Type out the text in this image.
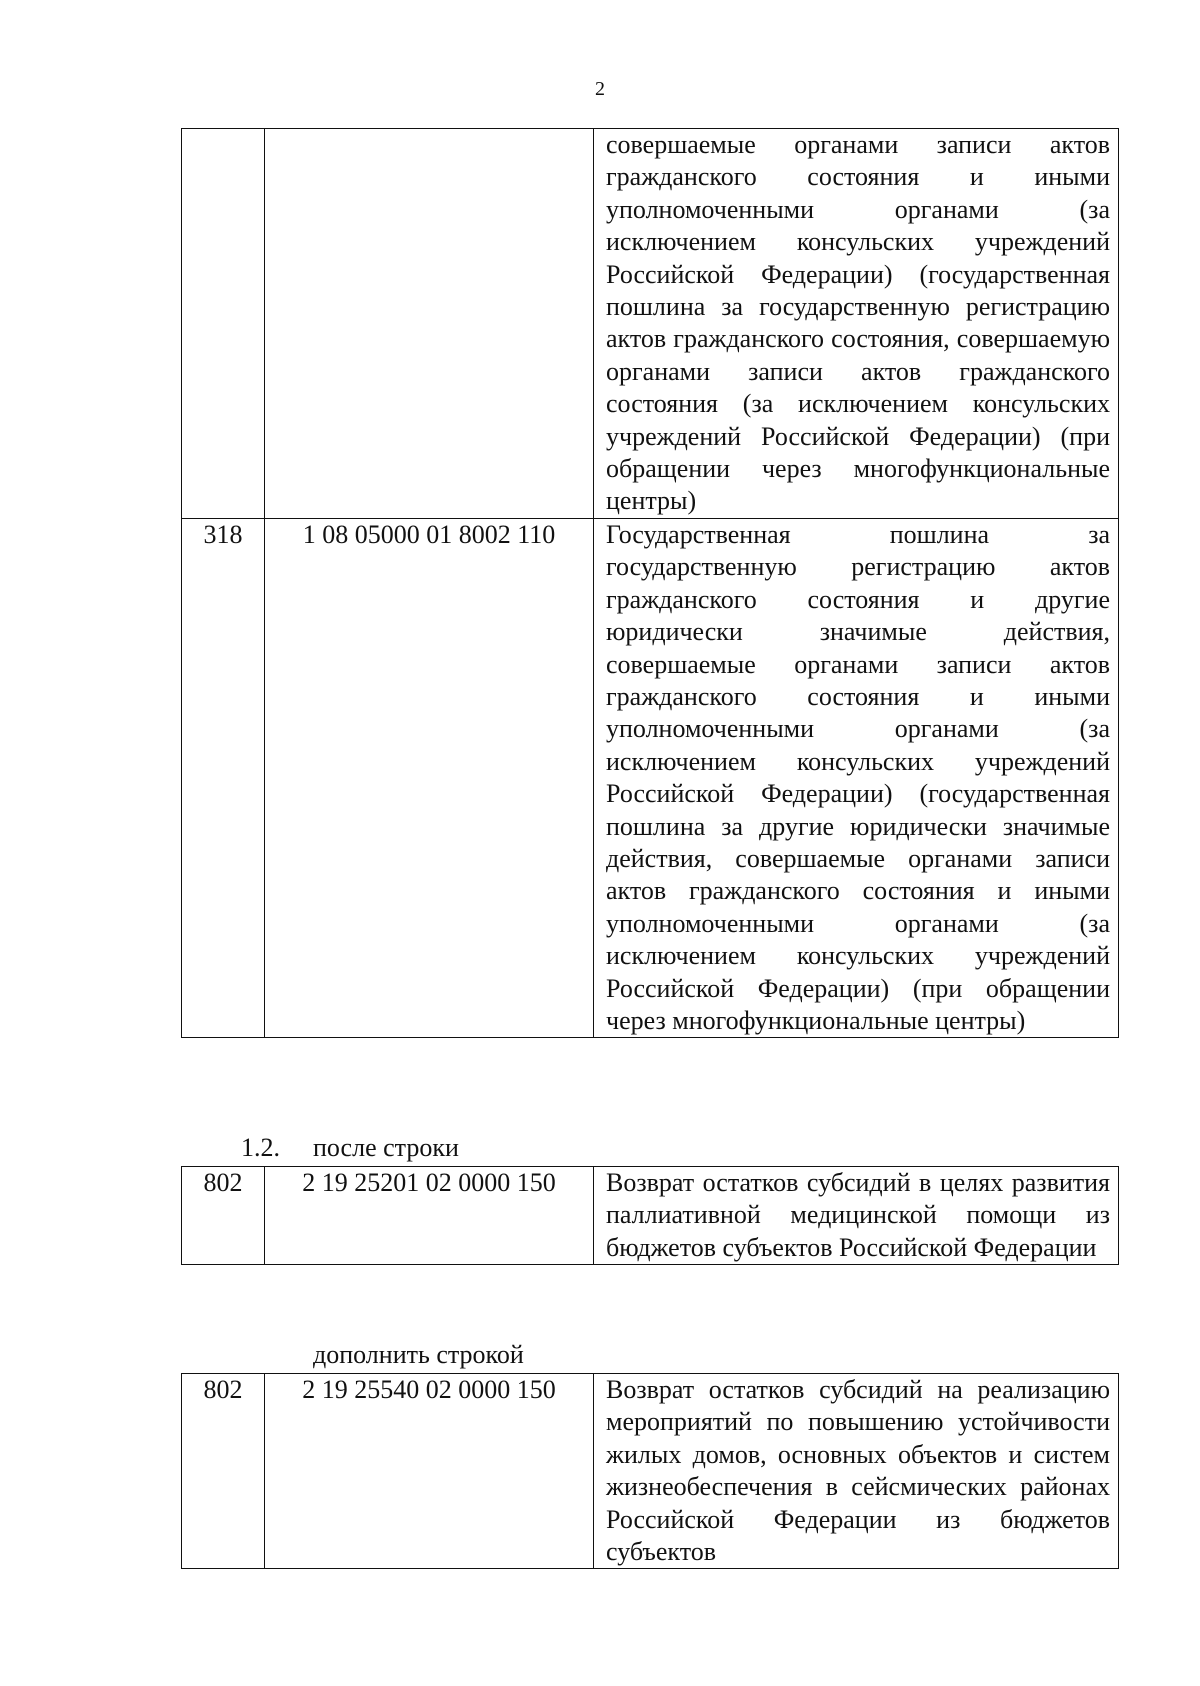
2

		совершаемые органами записи актов гражданского состояния и иными уполномоченными органами (за исключением консульских учреждений Российской Федерации) (государственная пошлина за государственную регистрацию актов гражданского состояния, совершаемую органами записи актов гражданского состояния (за исключением консульских учреждений Российской Федерации) (при обращении через многофункциональные центры)

318	1 08 05000 01 8002 110	Государственная пошлина за государственную регистрацию актов гражданского состояния и другие юридически значимые действия, совершаемые органами записи актов гражданского состояния и иными уполномоченными органами (за исключением консульских учреждений Российской Федерации) (государственная пошлина за другие юридически значимые действия, совершаемые органами записи актов гражданского состояния и иными уполномоченными органами (за исключением консульских учреждений Российской Федерации) (при обращении через многофункциональные центры)

1.2. после строки
802	2 19 25201 02 0000 150	Возврат остатков субсидий в целях развития паллиативной медицинской помощи из бюджетов субъектов Российской Федерации

дополнить строкой
802	2 19 25540 02 0000 150	Возврат остатков субсидий на реализацию мероприятий по повышению устойчивости жилых домов, основных объектов и систем жизнеобеспечения в сейсмических районах Российской Федерации из бюджетов субъектов
